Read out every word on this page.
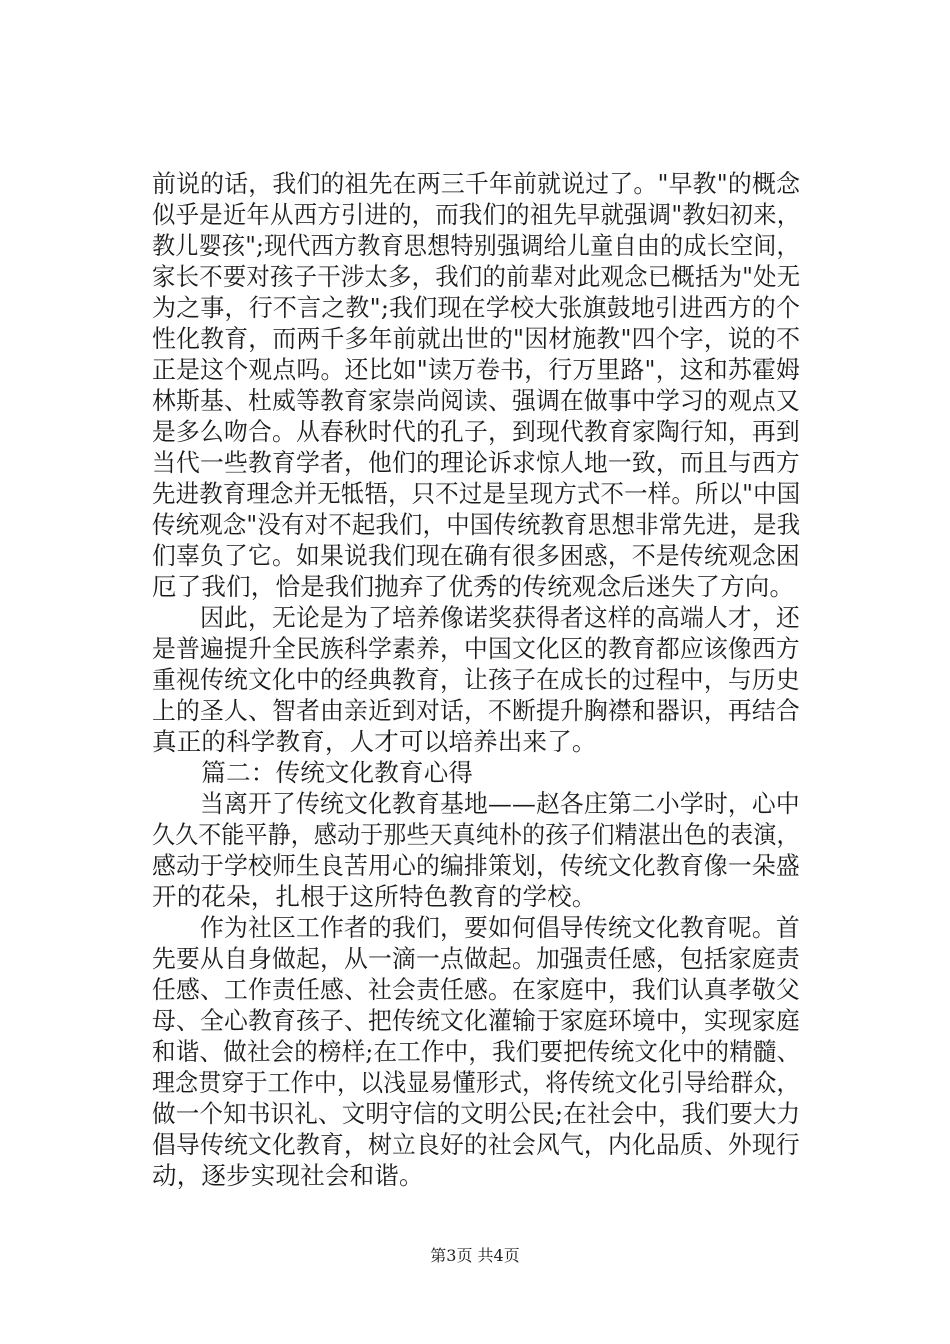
前说的话，我们的祖先在两三千年前就说过了。"早教"的概念
似乎是近年从西方引进的，而我们的祖先早就强调"教妇初来，
教儿婴孩";现代西方教育思想特别强调给儿童自由的成长空间，
家长不要对孩子干涉太多，我们的前辈对此观念已概括为"处无
为之事，行不言之教";我们现在学校大张旗鼓地引进西方的个
性化教育，而两千多年前就出世的"因材施教"四个字，说的不
正是这个观点吗。还比如"读万卷书，行万里路"，这和苏霍姆
林斯基、杜威等教育家崇尚阅读、强调在做事中学习的观点又
是多么吻合。从春秋时代的孔子，到现代教育家陶行知，再到
当代一些教育学者，他们的理论诉求惊人地一致，而且与西方
先进教育理念并无牴牾，只不过是呈现方式不一样。所以"中国
传统观念"没有对不起我们，中国传统教育思想非常先进，是我
们辜负了它。如果说我们现在确有很多困惑，不是传统观念困
厄了我们，恰是我们抛弃了优秀的传统观念后迷失了方向。
　　因此，无论是为了培养像诺奖获得者这样的高端人才，还
是普遍提升全民族科学素养，中国文化区的教育都应该像西方
重视传统文化中的经典教育，让孩子在成长的过程中，与历史
上的圣人、智者由亲近到对话，不断提升胸襟和器识，再结合
真正的科学教育，人才可以培养出来了。
　　篇二：传统文化教育心得
　　当离开了传统文化教育基地——赵各庄第二小学时，心中
久久不能平静，感动于那些天真纯朴的孩子们精湛出色的表演，
感动于学校师生良苦用心的编排策划，传统文化教育像一朵盛
开的花朵，扎根于这所特色教育的学校。
　　作为社区工作者的我们，要如何倡导传统文化教育呢。首
先要从自身做起，从一滴一点做起。加强责任感，包括家庭责
任感、工作责任感、社会责任感。在家庭中，我们认真孝敬父
母、全心教育孩子、把传统文化灌输于家庭环境中，实现家庭
和谐、做社会的榜样;在工作中，我们要把传统文化中的精髓、
理念贯穿于工作中，以浅显易懂形式，将传统文化引导给群众，
做一个知书识礼、文明守信的文明公民;在社会中，我们要大力
倡导传统文化教育，树立良好的社会风气，内化品质、外现行
动，逐步实现社会和谐。
第3页 共4页
